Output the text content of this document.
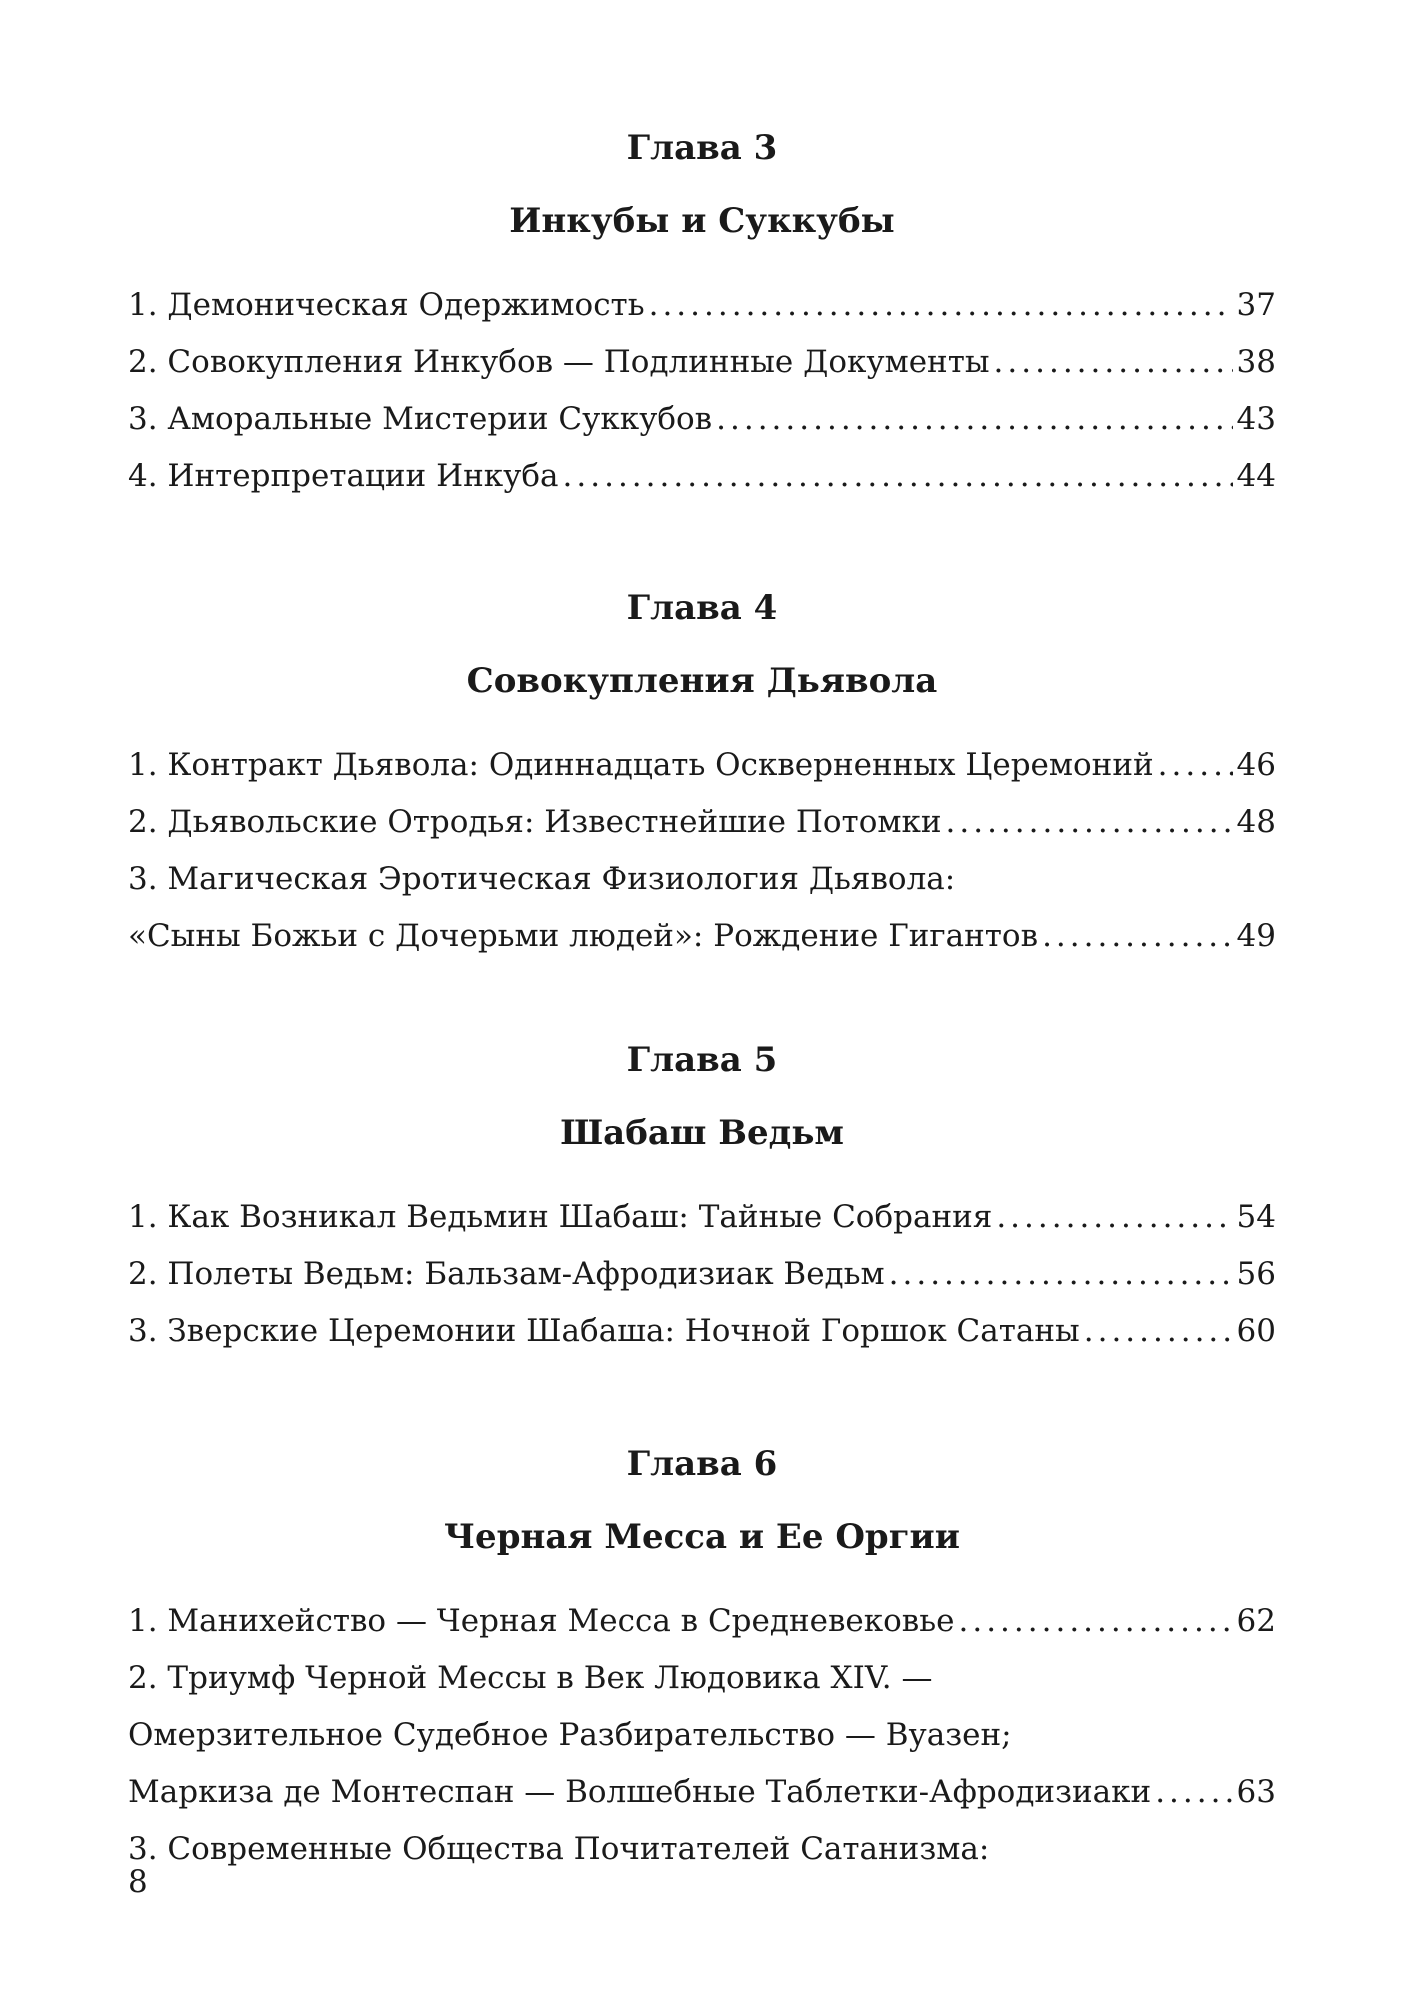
Глава 3
Инкубы и Суккубы
1. Демоническая Одержимость .....	37
2. Совокупления Инкубов — Подлинные Документы .....	38
3. Аморальные Мистерии Суккубов .....	43
4. Интерпретации Инкуба .....	44
Глава 4
Совокупления Дьявола
1. Контракт Дьявола: Одиннадцать Оскверненных Церемоний .....	46
2. Дьявольские Отродья: Известнейшие Потомки .....	48
3. Магическая Эротическая Физиология Дьявола:
«Сыны Божьи с Дочерьми людей»: Рождение Гигантов .....	49
Глава 5
Шабаш Ведьм
1. Как Возникал Ведьмин Шабаш: Тайные Собрания .....	54
2. Полеты Ведьм: Бальзам-Афродизиак Ведьм .....	56
3. Зверские Церемонии Шабаша: Ночной Горшок Сатаны .....	60
Глава 6
Черная Месса и Ее Оргии
1. Манихейство — Черная Месса в Средневековье .....	62
2. Триумф Черной Мессы в Век Людовика XIV. —
Омерзительное Судебное Разбирательство — Вуазен;
Маркиза де Монтеспан — Волшебные Таблетки-Афродизиаки .....	63
3. Современные Общества Почитателей Сатанизма:
8
